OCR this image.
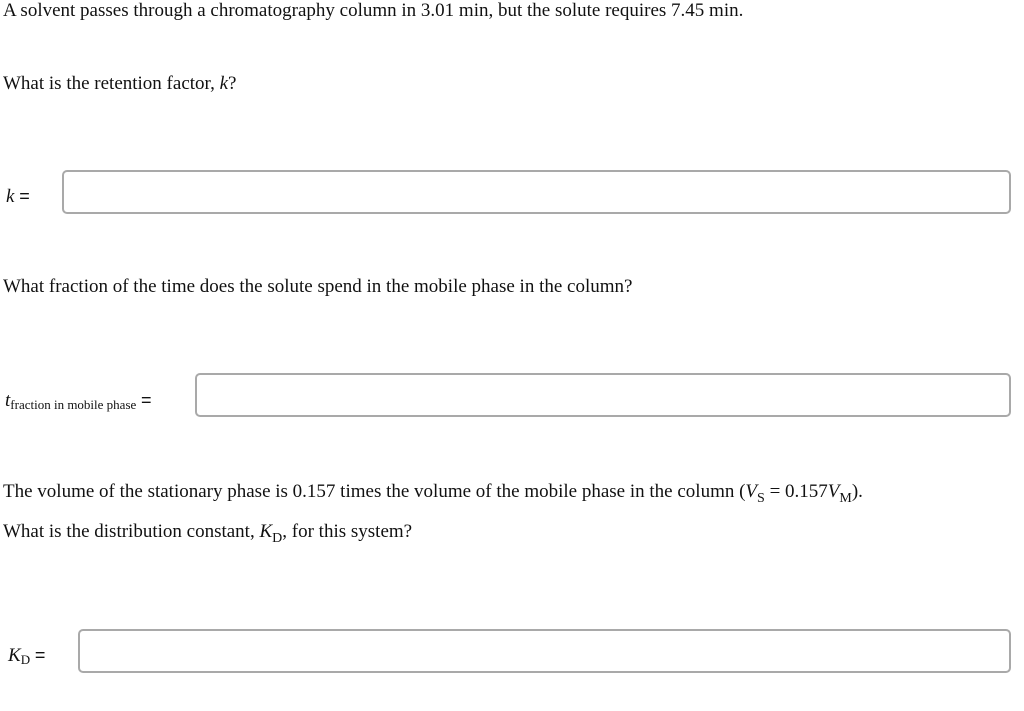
A solvent passes through a chromatography column in 3.01 min, but the solute requires 7.45 min.
What is the retention factor, k?
k =
What fraction of the time does the solute spend in the mobile phase in the column?
tfraction in mobile phase =
The volume of the stationary phase is 0.157 times the volume of the mobile phase in the column $(V_S = 0.157V_M)$.
What is the distribution constant, $K_D$, for this system?
KD =
